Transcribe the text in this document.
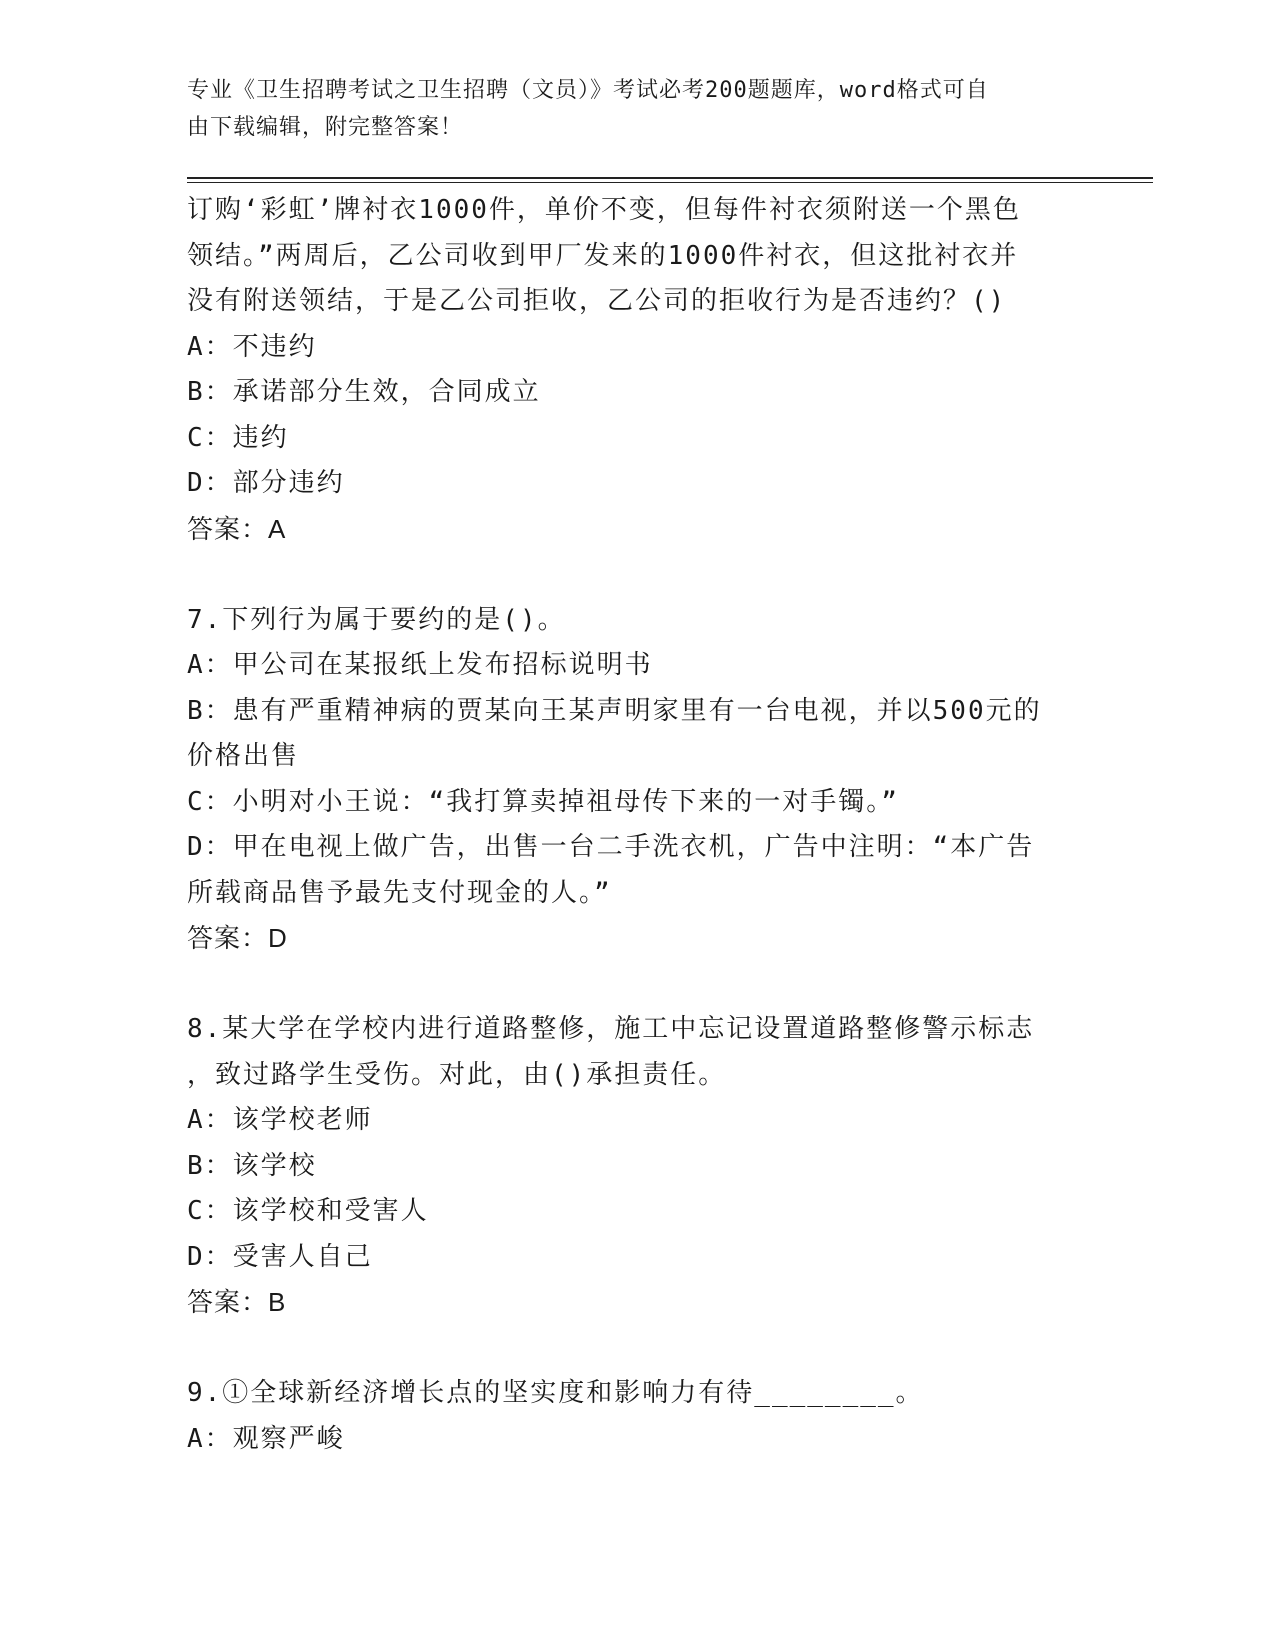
专业《卫生招聘考试之卫生招聘（文员）》考试必考200题题库，word格式可自
由下载编辑，附完整答案！
订购‘彩虹’牌衬衣1000件，单价不变，但每件衬衣须附送一个黑色
领结。”两周后，乙公司收到甲厂发来的1000件衬衣，但这批衬衣并
没有附送领结，于是乙公司拒收，乙公司的拒收行为是否违约？()
A：不违约
B：承诺部分生效，合同成立
C：违约
D：部分违约
答案：A
7.下列行为属于要约的是()。
A：甲公司在某报纸上发布招标说明书
B：患有严重精神病的贾某向王某声明家里有一台电视，并以500元的
价格出售
C：小明对小王说：“我打算卖掉祖母传下来的一对手镯。”
D：甲在电视上做广告，出售一台二手洗衣机，广告中注明：“本广告
所载商品售予最先支付现金的人。”
答案：D
8.某大学在学校内进行道路整修，施工中忘记设置道路整修警示标志
，致过路学生受伤。对此，由()承担责任。
A：该学校老师
B：该学校
C：该学校和受害人
D：受害人自己
答案：B
9.①全球新经济增长点的坚实度和影响力有待________。
A：观察严峻
